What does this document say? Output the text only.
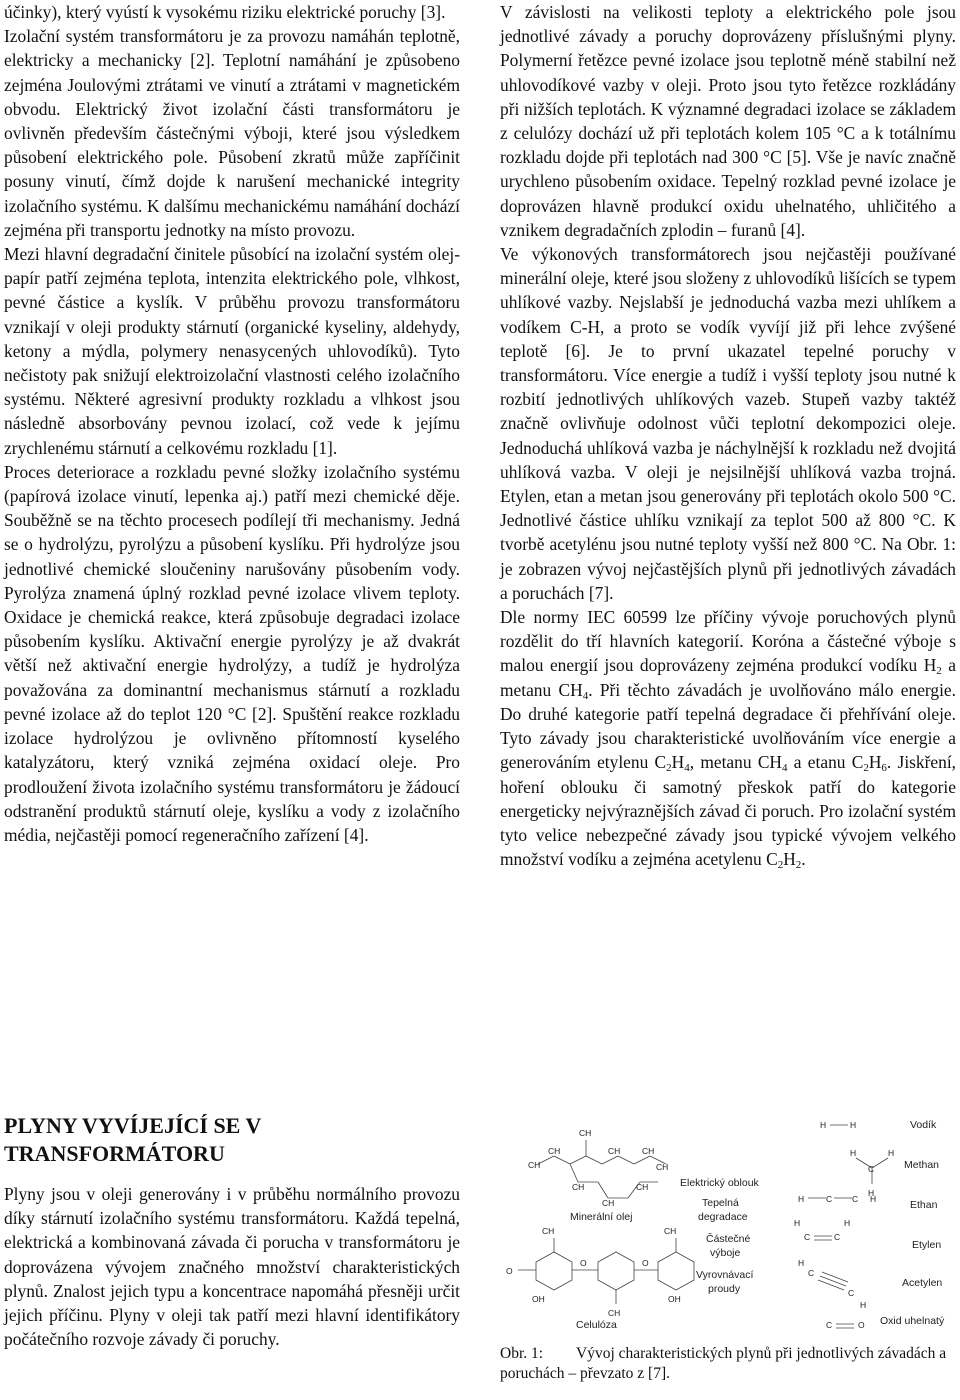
účinky), který vyústí k vysokému riziku elektrické poruchy [3].

Izolační systém transformátoru je za provozu namáhán teplotně, elektricky a mechanicky [2]. Teplotní namáhání je způsobeno zejména Joulovými ztrátami ve vinutí a ztrátami v magnetickém obvodu. Elektrický život izolační části transformátoru je ovlivněn především částečnými výboji, které jsou výsledkem působení elektrického pole. Působení zkratů může zapříčinit posuny vinutí, čímž dojde k narušení mechanické integrity izolačního systému. K dalšímu mechanickému namáhání dochází zejména při transportu jednotky na místo provozu.

Mezi hlavní degradační činitele působící na izolační systém olej-papír patří zejména teplota, intenzita elektrického pole, vlhkost, pevné částice a kyslík. V průběhu provozu transformátoru vznikají v oleji produkty stárnutí (organické kyseliny, aldehydy, ketony a mýdla, polymery nenasycených uhlovodíků). Tyto nečistoty pak snižují elektroizolační vlastnosti celého izolačního systému. Některé agresivní produkty rozkladu a vlhkost jsou následně absorbovány pevnou izolací, což vede k jejímu zrychlenému stárnutí a celkovému rozkladu [1].

Proces deteriorace a rozkladu pevné složky izolačního systému (papírová izolace vinutí, lepenka aj.) patří mezi chemické děje. Souběžně se na těchto procesech podílejí tři mechanismy. Jedná se o hydrolýzu, pyrolýzu a působení kyslíku. Při hydrolýze jsou jednotlivé chemické sloučeniny narušovány působením vody. Pyrolýza znamená úplný rozklad pevné izolace vlivem teploty. Oxidace je chemická reakce, která způsobuje degradaci izolace působením kyslíku. Aktivační energie pyrolýzy je až dvakrát větší než aktivační energie hydrolýzy, a tudíž je hydrolýza považována za dominantní mechanismus stárnutí a rozkladu pevné izolace až do teplot 120 °C [2]. Spuštění reakce rozkladu izolace hydrolýzou je ovlivněno přítomností kyselého katalyzátoru, který vzniká zejména oxidací oleje. Pro prodloužení života izolačního systému transformátoru je žádoucí odstranění produktů stárnutí oleje, kyslíku a vody z izolačního média, nejčastěji pomocí regeneračního zařízení [4].

PLYNY VYVÍJEJÍCÍ SE V TRANSFORMÁTORU

Plyny jsou v oleji generovány i v průběhu normálního provozu díky stárnutí izolačního systému transformátoru. Každá tepelná, elektrická a kombinovaná závada či porucha v transformátoru je doprovázena vývojem značného množství charakteristických plynů. Znalost jejich typu a koncentrace napomáhá přesněji určit jejich příčinu. Plyny v oleji tak patří mezi hlavní identifikátory počátečního rozvoje závady či poruchy.

V závislosti na velikosti teploty a elektrického pole jsou jednotlivé závady a poruchy doprovázeny příslušnými plyny. Polymerní řetězce pevné izolace jsou teplotně méně stabilní než uhlovodíkové vazby v oleji. Proto jsou tyto řetězce rozkládány při nižších teplotách. K významné degradaci izolace se základem z celulózy dochází už při teplotách kolem 105 °C a k totálnímu rozkladu dojde při teplotách nad 300 °C [5]. Vše je navíc značně urychleno působením oxidace. Tepelný rozklad pevné izolace je doprovázen hlavně produkcí oxidu uhelnatého, uhličitého a vznikem degradačních zplodin – furanů [4].

Ve výkonových transformátorech jsou nejčastěji používané minerální oleje, které jsou složeny z uhlovodíků lišících se typem uhlíkové vazby. Nejslabší je jednoduchá vazba mezi uhlíkem a vodíkem C-H, a proto se vodík vyvíjí již při lehce zvýšené teplotě [6]. Je to první ukazatel tepelné poruchy v transformátoru. Více energie a tudíž i vyšší teploty jsou nutné k rozbití jednotlivých uhlíkových vazeb. Stupeň vazby taktéž značně ovlivňuje odolnost vůči teplotní dekompozici oleje. Jednoduchá uhlíková vazba je náchylnější k rozkladu než dvojitá uhlíková vazba. V oleji je nejsilnější uhlíková vazba trojná. Etylen, etan a metan jsou generovány při teplotách okolo 500 °C. Jednotlivé částice uhlíku vznikají za teplot 500 až 800 °C. K tvorbě acetylénu jsou nutné teploty vyšší než 800 °C. Na Obr. 1: je zobrazen vývoj nejčastějších plynů při jednotlivých závadách a poruchách [7].

Dle normy IEC 60599 lze příčiny vývoje poruchových plynů rozdělit do tří hlavních kategorií. Koróna a částečné výboje s malou energií jsou doprovázeny zejména produkcí vodíku $H_2$ a metanu $CH_4$. Při těchto závadách je uvolňováno málo energie. Do druhé kategorie patří tepelná degradace či přehřívání oleje. Tyto závady jsou charakteristické uvolňováním více energie a generováním etylenu $C_2H_4$, metanu $CH_4$ a etanu $C_2H_6$. Jiskření, hoření oblouku či samotný přeskok patří do kategorie energeticky nejvýraznějších závad či poruch. Pro izolační systém tyto velice nebezpečné závady jsou typické vývojem velkého množství vodíku a zejména acetylenu $C_2H_2$.

CH
CH
CH	CH	CH
CH
CH
CH
CH
CH	CH
CH
O	O
OH	OH
O
Minerální olej
Celulóza
Elektrický oblouk
Tepelná
degradace
Částečné
výboje
Vyrovnávací
proudy
H	H
H
C
H
H
H	C C H
C	C
H	H
C
C
H
H
C	O
Vodík
Methan
Ethan
Etylen
Acetylen
Oxid uhelnatý
Obr. 1: Vývoj charakteristických plynů při jednotlivých závadách a poruchách – převzato z [7].
